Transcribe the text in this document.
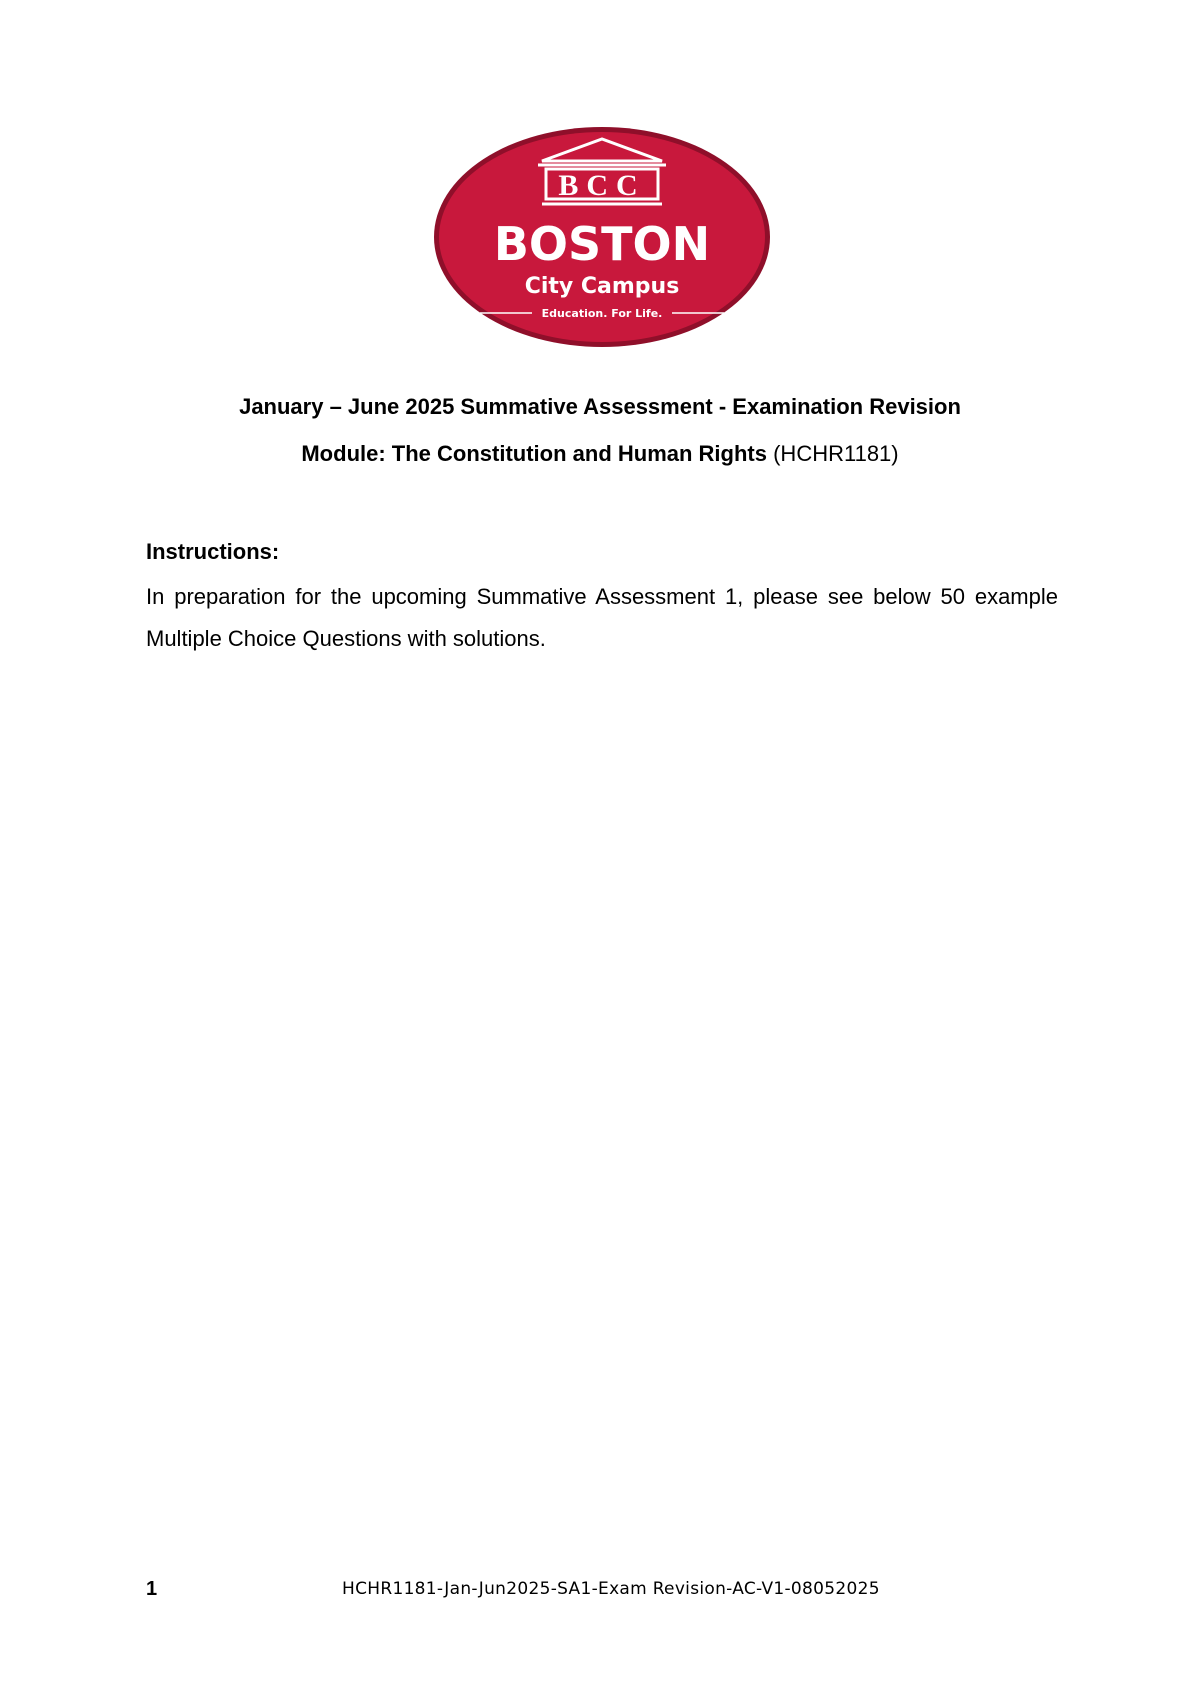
BCC
BOSTON
City Campus
Education. For Life.
January – June 2025 Summative Assessment - Examination Revision
Module: The Constitution and Human Rights (HCHR1181)
Instructions:
In preparation for the upcoming Summative Assessment 1, please see below 50 example Multiple Choice Questions with solutions.
1	HCHR1181-Jan-Jun2025-SA1-Exam Revision-AC-V1-08052025
